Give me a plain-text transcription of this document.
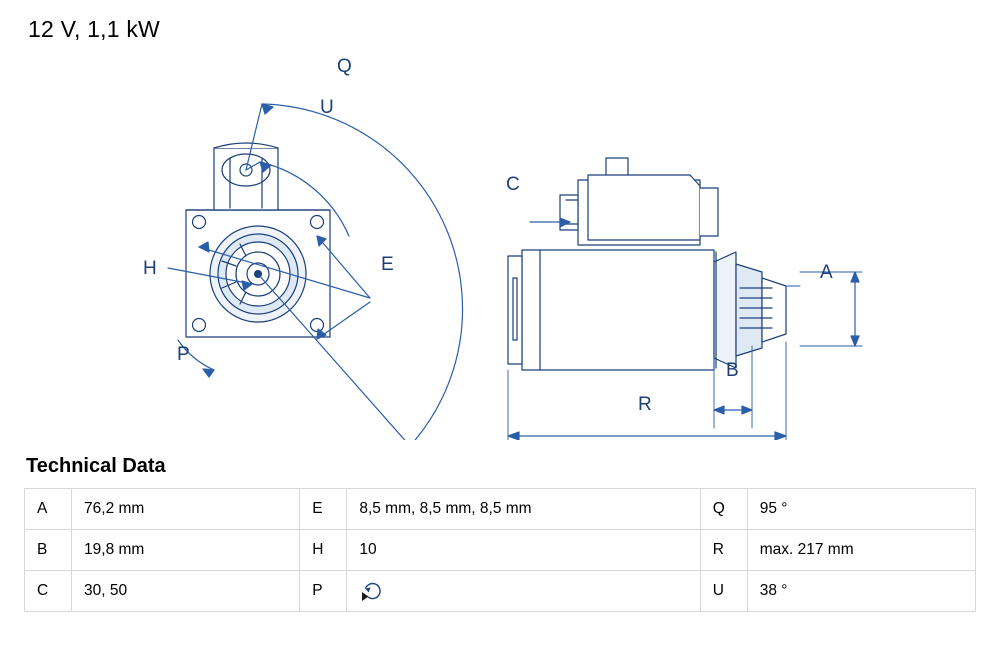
12 V, 1,1 kW
Q
U
E
H
P
C
A
B
R
Technical Data
A	76,2 mm	E	8,5 mm, 8,5 mm, 8,5 mm	Q	95 °
B	19,8 mm	H	10	R	max. 217 mm
C	30, 50	P		U	38 °
